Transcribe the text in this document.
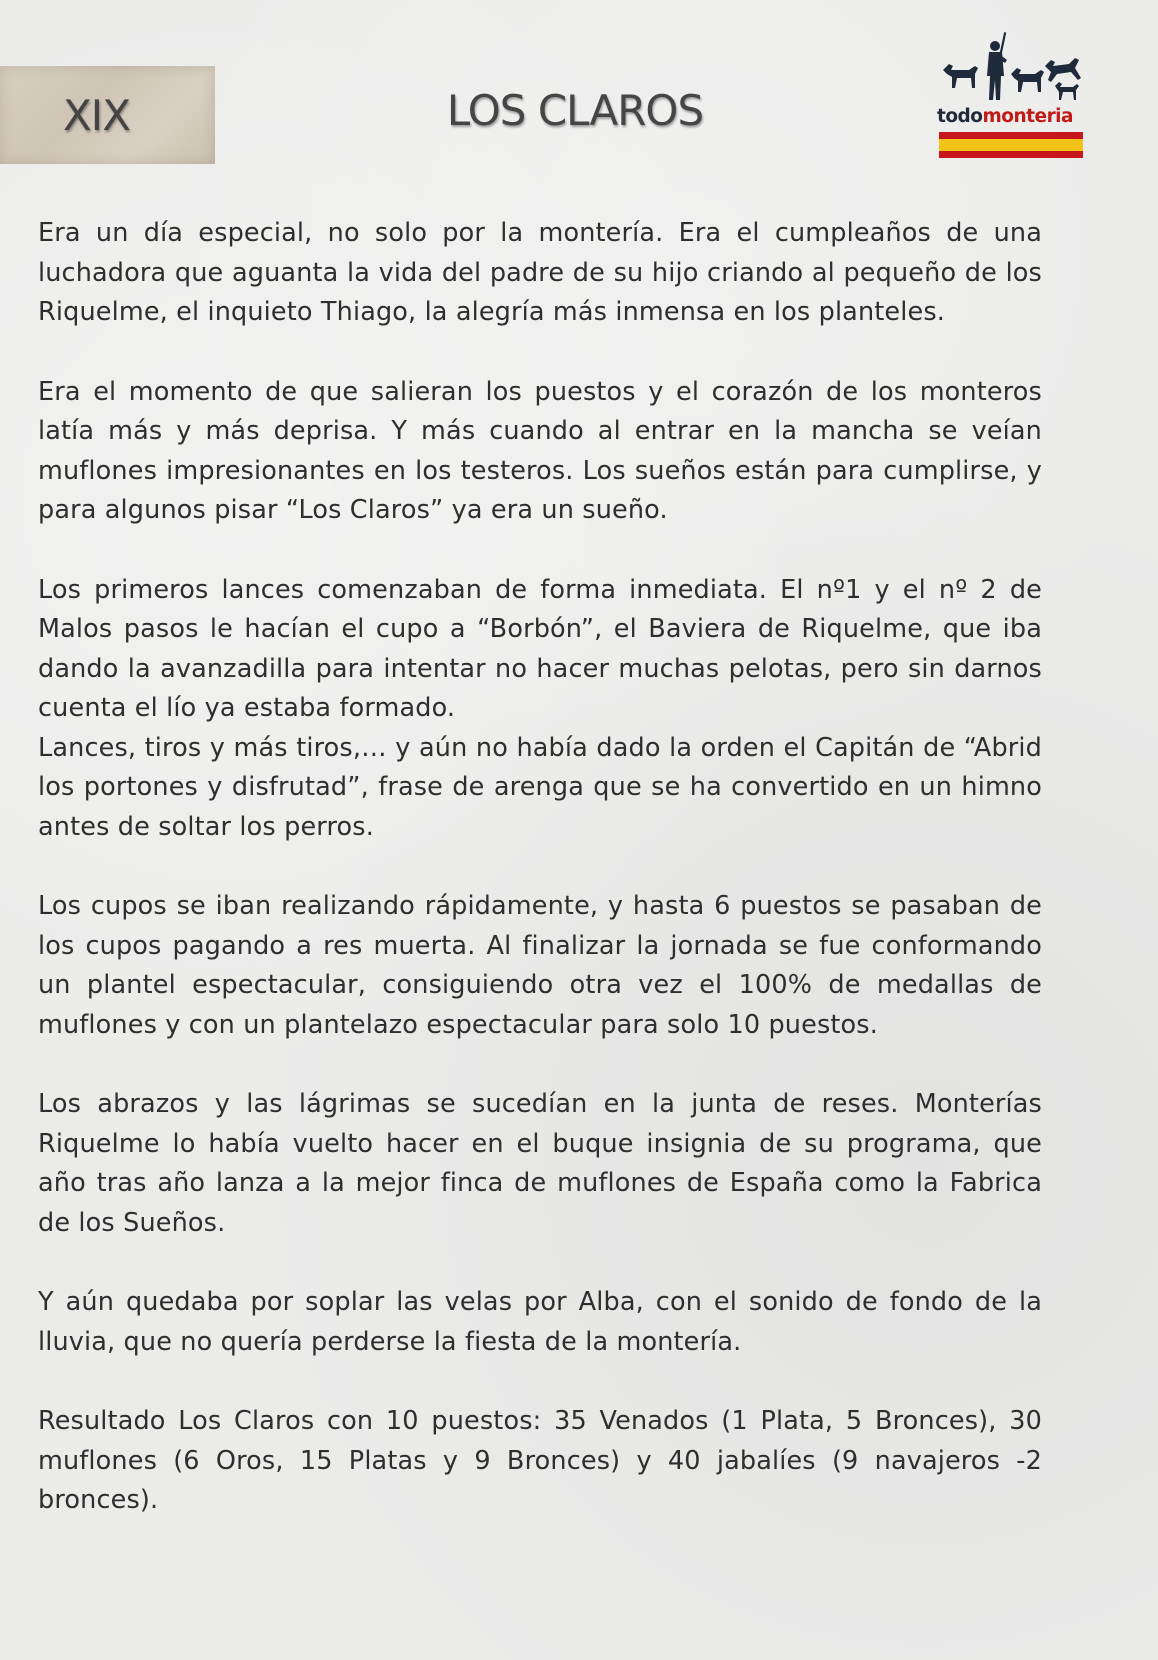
XIX	LOS CLAROS	todomonteria

Era un día especial, no solo por la montería. Era el cumpleaños de una luchadora que aguanta la vida del padre de su hijo criando al pequeño de los Riquelme, el inquieto Thiago, la alegría más inmensa en los planteles.

Era el momento de que salieran los puestos y el corazón de los monteros latía más y más deprisa. Y más cuando al entrar en la mancha se veían muflones impresionantes en los testeros. Los sueños están para cumplirse, y para algunos pisar “Los Claros” ya era un sueño.

Los primeros lances comenzaban de forma inmediata. El nº1 y el nº 2 de Malos pasos le hacían el cupo a “Borbón”, el Baviera de Riquelme, que iba dando la avanzadilla para intentar no hacer muchas pelotas, pero sin darnos cuenta el lío ya estaba formado.

Lances, tiros y más tiros,… y aún no había dado la orden el Capitán de “Abrid los portones y disfrutad”, frase de arenga que se ha convertido en un himno antes de soltar los perros.

Los cupos se iban realizando rápidamente, y hasta 6 puestos se pasaban de los cupos pagando a res muerta. Al finalizar la jornada se fue conformando un plantel espectacular, consiguiendo otra vez el 100% de medallas de muflones y con un plantelazo espectacular para solo 10 puestos.

Los abrazos y las lágrimas se sucedían en la junta de reses. Monterías Riquelme lo había vuelto hacer en el buque insignia de su programa, que año tras año lanza a la mejor finca de muflones de España como la Fabrica de los Sueños.

Y aún quedaba por soplar las velas por Alba, con el sonido de fondo de la lluvia, que no quería perderse la fiesta de la montería.

Resultado Los Claros con 10 puestos: 35 Venados (1 Plata, 5 Bronces), 30 muflones (6 Oros, 15 Platas y 9 Bronces) y 40 jabalíes (9 navajeros -2 bronces).
